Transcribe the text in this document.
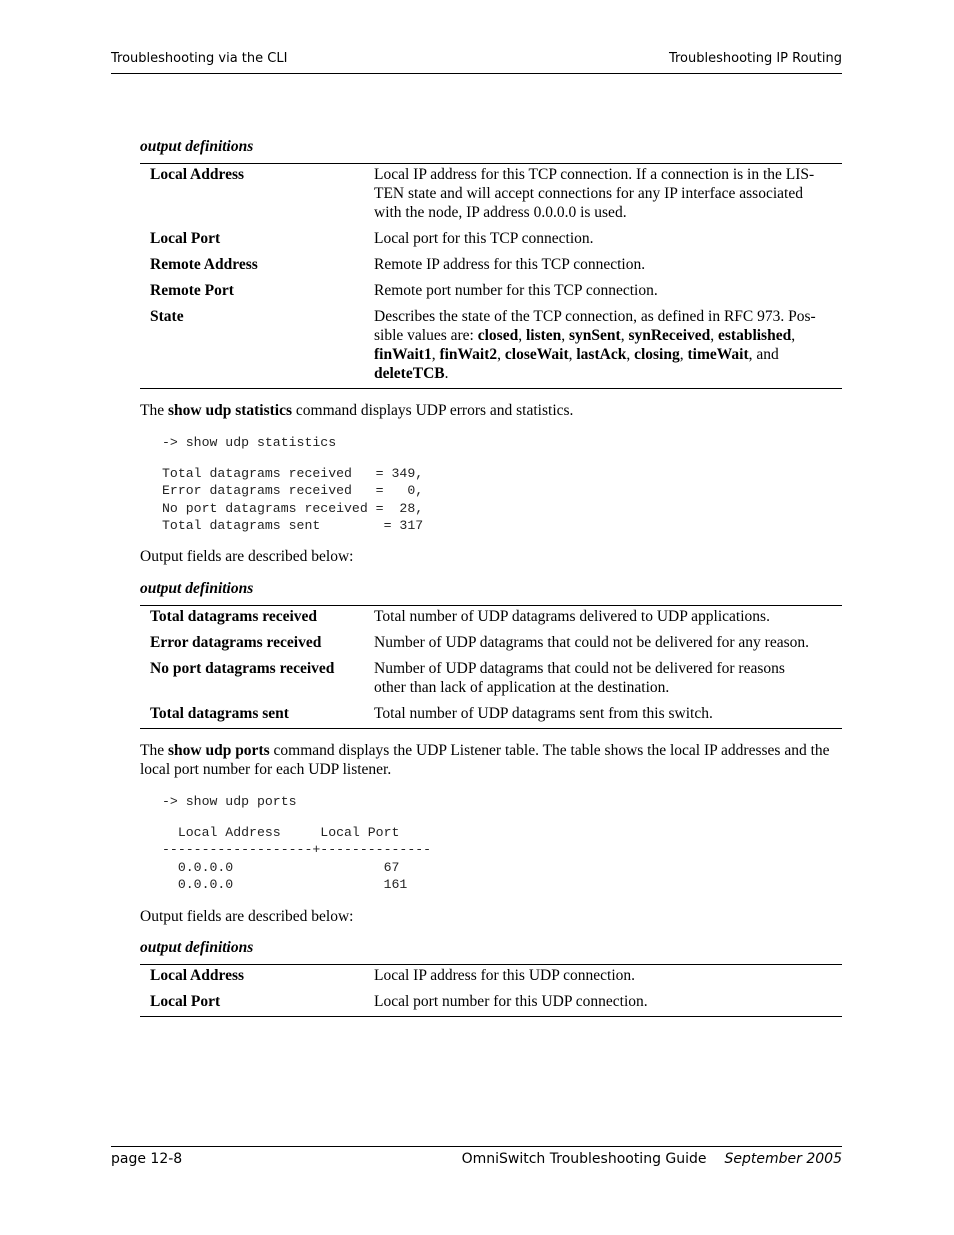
Troubleshooting via the CLI	Troubleshooting IP Routing
output definitions
Local Address	Local IP address for this TCP connection. If a connection is in the LIS-
TEN state and will accept connections for any IP interface associated
with the node, IP address 0.0.0.0 is used.
Local Port	Local port for this TCP connection.
Remote Address	Remote IP address for this TCP connection.
Remote Port	Remote port number for this TCP connection.
State	Describes the state of the TCP connection, as defined in RFC 973. Pos-
sible values are: closed, listen, synSent, synReceived, established,
finWait1, finWait2, closeWait, lastAck, closing, timeWait, and
deleteTCB.
The show udp statistics command displays UDP errors and statistics.
-> show udp statistics
Total datagrams received   = 349,
Error datagrams received   =   0,
No port datagrams received =  28,
Total datagrams sent        = 317
Output fields are described below:
output definitions
Total datagrams received	Total number of UDP datagrams delivered to UDP applications.
Error datagrams received	Number of UDP datagrams that could not be delivered for any reason.
No port datagrams received	Number of UDP datagrams that could not be delivered for reasons
other than lack of application at the destination.
Total datagrams sent	Total number of UDP datagrams sent from this switch.
The show udp ports command displays the UDP Listener table. The table shows the local IP addresses and the local port number for each UDP listener.
-> show udp ports
Local Address     Local Port
-------------------+--------------
0.0.0.0                   67
0.0.0.0                   161
Output fields are described below:
output definitions
Local Address	Local IP address for this UDP connection.
Local Port	Local port number for this UDP connection.
page 12-8	OmniSwitch Troubleshooting Guide September 2005
